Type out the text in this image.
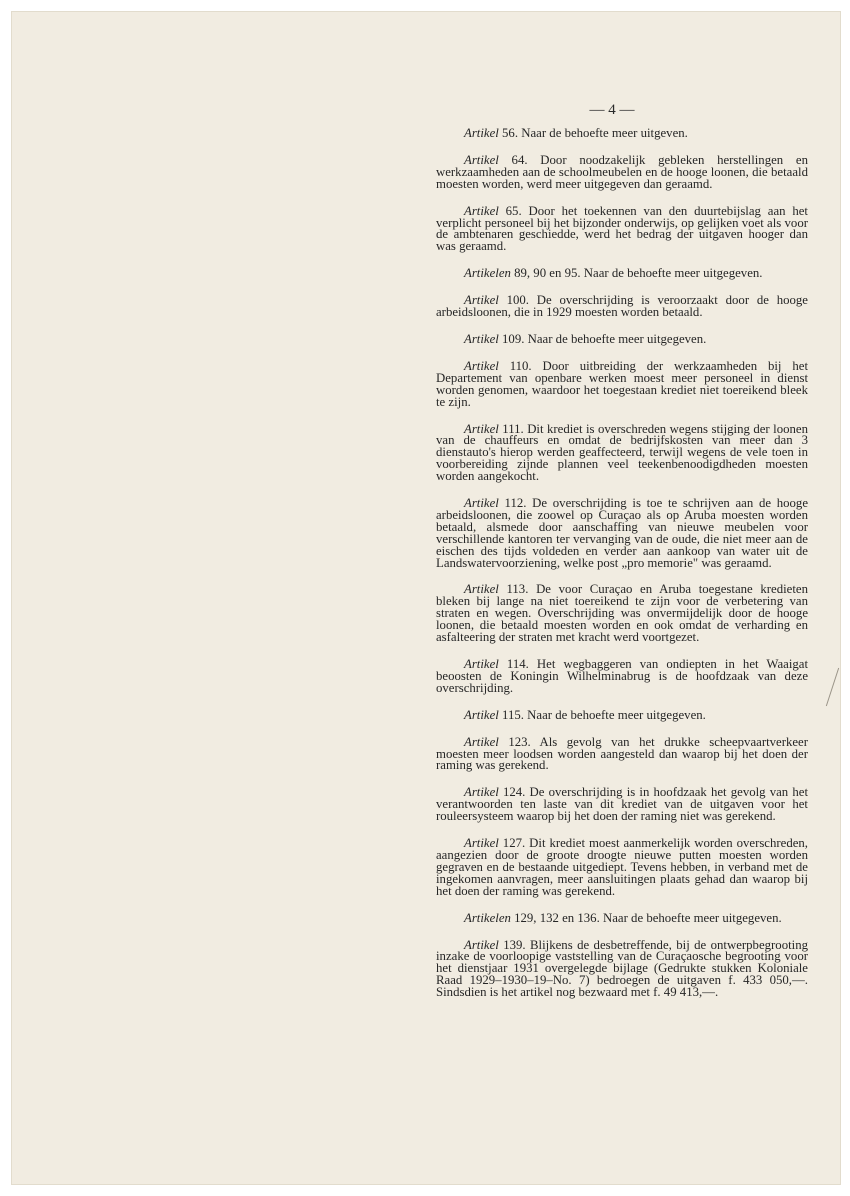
— 4 —

Artikel 56. Naar de behoefte meer uitgeven.

Artikel 64. Door noodzakelijk gebleken herstellingen en werkzaamheden aan de schoolmeubelen en de hooge loonen, die betaald moesten worden, werd meer uitgegeven dan geraamd.

Artikel 65. Door het toekennen van den duurtebijslag aan het verplicht personeel bij het bijzonder onderwijs, op gelijken voet als voor de ambtenaren geschiedde, werd het bedrag der uitgaven hooger dan was geraamd.

Artikelen 89, 90 en 95. Naar de behoefte meer uitgegeven.

Artikel 100. De overschrijding is veroorzaakt door de hooge arbeidsloonen, die in 1929 moesten worden betaald.

Artikel 109. Naar de behoefte meer uitgegeven.

Artikel 110. Door uitbreiding der werkzaamheden bij het Departement van openbare werken moest meer personeel in dienst worden genomen, waardoor het toegestaan krediet niet toereikend bleek te zijn.

Artikel 111. Dit krediet is overschreden wegens stijging der loonen van de chauffeurs en omdat de bedrijfskosten van meer dan 3 dienstauto's hierop werden geaffecteerd, terwijl wegens de vele toen in voorbereiding zijnde plannen veel teekenbenoodigdheden moesten worden aangekocht.

Artikel 112. De overschrijding is toe te schrijven aan de hooge arbeidsloonen, die zoowel op Curaçao als op Aruba moesten worden betaald, alsmede door aanschaffing van nieuwe meubelen voor verschillende kantoren ter vervanging van de oude, die niet meer aan de eischen des tijds voldeden en verder aan aankoop van water uit de Landswatervoorziening, welke post „pro memorie" was geraamd.

Artikel 113. De voor Curaçao en Aruba toegestane kredieten bleken bij lange na niet toereikend te zijn voor de verbetering van straten en wegen. Overschrijding was onvermijdelijk door de hooge loonen, die betaald moesten worden en ook omdat de verharding en asfalteering der straten met kracht werd voortgezet.

Artikel 114. Het wegbaggeren van ondiepten in het Waaigat beoosten de Koningin Wilhelminabrug is de hoofdzaak van deze overschrijding.

Artikel 115. Naar de behoefte meer uitgegeven.

Artikel 123. Als gevolg van het drukke scheepvaartverkeer moesten meer loodsen worden aangesteld dan waarop bij het doen der raming was gerekend.

Artikel 124. De overschrijding is in hoofdzaak het gevolg van het verantwoorden ten laste van dit krediet van de uitgaven voor het rouleersysteem waarop bij het doen der raming niet was gerekend.

Artikel 127. Dit krediet moest aanmerkelijk worden overschreden, aangezien door de groote droogte nieuwe putten moesten worden gegraven en de bestaande uitgediept. Tevens hebben, in verband met de ingekomen aanvragen, meer aansluitingen plaats gehad dan waarop bij het doen der raming was gerekend.

Artikelen 129, 132 en 136. Naar de behoefte meer uitgegeven.

Artikel 139. Blijkens de desbetreffende, bij de ontwerpbegrooting inzake de voorloopige vaststelling van de Curaçaosche begrooting voor het dienstjaar 1931 overgelegde bijlage (Gedrukte stukken Koloniale Raad 1929–1930–19–No. 7) bedroegen de uitgaven f. 433 050,—. Sindsdien is het artikel nog bezwaard met f. 49 413,—.
